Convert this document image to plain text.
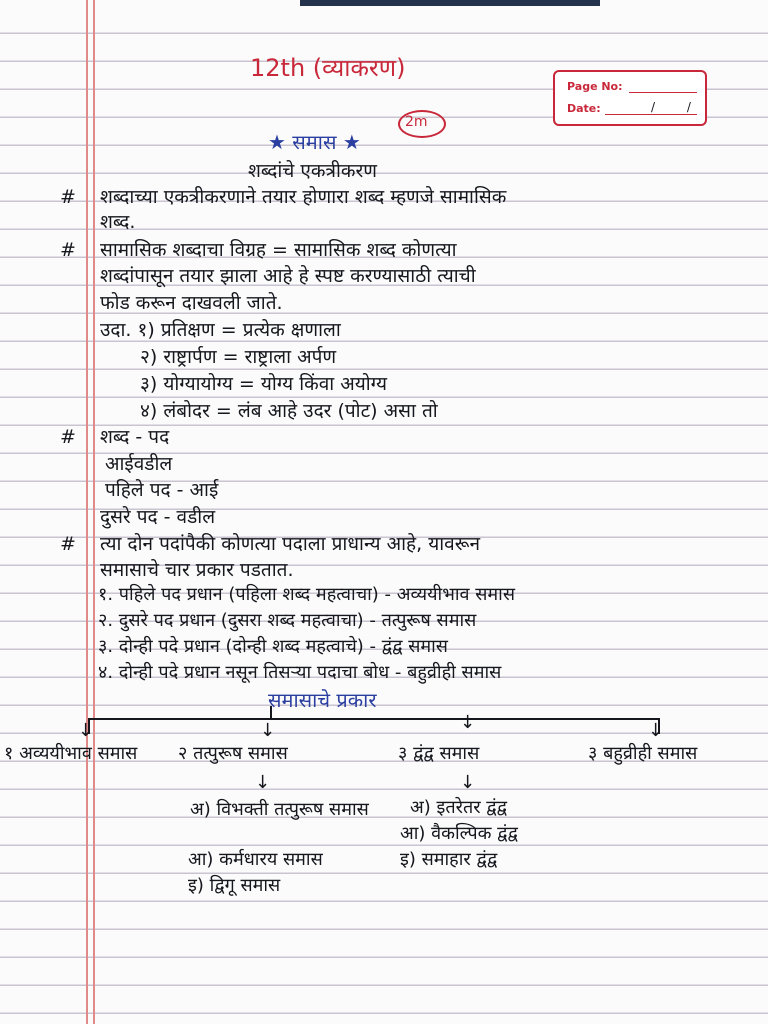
12th (व्याकरण)
2m
Page No:
Date:	/ /
★ समास ★
शब्दांचे एकत्रीकरण
# शब्दाच्या एकत्रीकरणाने तयार होणारा शब्द म्हणजे सामासिक
शब्द.
# सामासिक शब्दाचा विग्रह = सामासिक शब्द कोणत्या
शब्दांपासून तयार झाला आहे हे स्पष्ट करण्यासाठी त्याची
फोड करून दाखवली जाते.
उदा. १) प्रतिक्षण = प्रत्येक क्षणाला
२) राष्ट्रार्पण = राष्ट्राला अर्पण
३) योग्यायोग्य = योग्य किंवा अयोग्य
४) लंबोदर = लंब आहे उदर (पोट) असा तो
# शब्द - पद
आईवडील
पहिले पद - आई
दुसरे पद - वडील
# त्या दोन पदांपैकी कोणत्या पदाला प्राधान्य आहे, यावरून
समासाचे चार प्रकार पडतात.
१. पहिले पद प्रधान (पहिला शब्द महत्वाचा) - अव्ययीभाव समास
२. दुसरे पद प्रधान (दुसरा शब्द महत्वाचा) - तत्पुरूष समास
३. दोन्ही पदे प्रधान (दोन्ही शब्द महत्वाचे) - द्वंद्व समास
४. दोन्ही पदे प्रधान नसून तिसऱ्या पदाचा बोध - बहुव्रीही समास
समासाचे प्रकार
↓	↓	↓	↓
१ अव्ययीभाव समास	२ तत्पुरूष समास	३ द्वंद्व समास	३ बहुव्रीही समास
↓	↓
अ) विभक्ती तत्पुरूष समास
आ) कर्मधारय समास
इ) द्विगू समास
अ) इतरेतर द्वंद्व
आ) वैकल्पिक द्वंद्व
इ) समाहार द्वंद्व
